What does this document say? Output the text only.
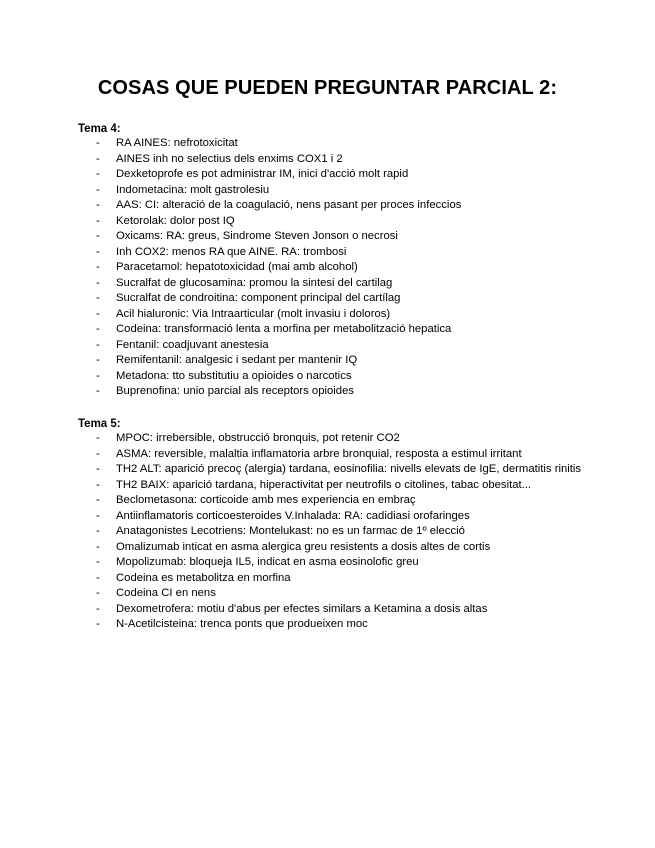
COSAS QUE PUEDEN PREGUNTAR PARCIAL 2:
Tema 4:
- RA AINES: nefrotoxicitat
- AINES inh no selectius dels enxims COX1 i 2
- Dexketoprofe es pot administrar IM, inici d'acció molt rapid
- Indometacina: molt gastrolesiu
- AAS: CI: alteració de la coagulació, nens pasant per proces infeccios
- Ketorolak: dolor post IQ
- Oxicams: RA: greus, Sindrome Steven Jonson o necrosi
- Inh COX2: menos RA que AINE. RA: trombosi
- Paracetamol: hepatotoxicidad (mai amb alcohol)
- Sucralfat de glucosamina: promou la sintesi del cartilag
- Sucralfat de condroitina: component principal del cartílag
- Acil hialuronic: Via Intraarticular (molt invasiu i doloros)
- Codeina: transformació lenta a morfina per metabolització hepatica
- Fentanil: coadjuvant anestesia
- Remifentanil: analgesic i sedant per mantenir IQ
- Metadona: tto substitutiu a opioides o narcotics
- Buprenofina: unio parcial als receptors opioides
Tema 5:
- MPOC: irrebersible, obstrucció bronquis, pot retenir CO2
- ASMA: reversible, malaltia inflamatoria arbre bronquial, resposta a estimul irritant
- TH2 ALT: aparició precoç (alergia) tardana, eosinofilia: nivells elevats de IgE, dermatitis rinitis
- TH2 BAIX: aparició tardana, hiperactivitat per neutrofils o citolines, tabac obesitat...
- Beclometasona: corticoide amb mes experiencia en embraç
- Antiinflamatoris corticoesteroides V.Inhalada: RA: cadidiasi orofaringes
- Anatagonistes Lecotriens: Montelukast: no es un farmac de 1º elecció
- Omalizumab inticat en asma alergica greu resistents a dosis altes de cortis
- Mopolizumab: bloqueja IL5, indicat en asma eosinolofic greu
- Codeina es metabolitza en morfina
- Codeina CI en nens
- Dexometrofera: motiu d'abus per efectes similars a Ketamina a dosis altas
- N-Acetilcisteina: trenca ponts que produeixen moc
